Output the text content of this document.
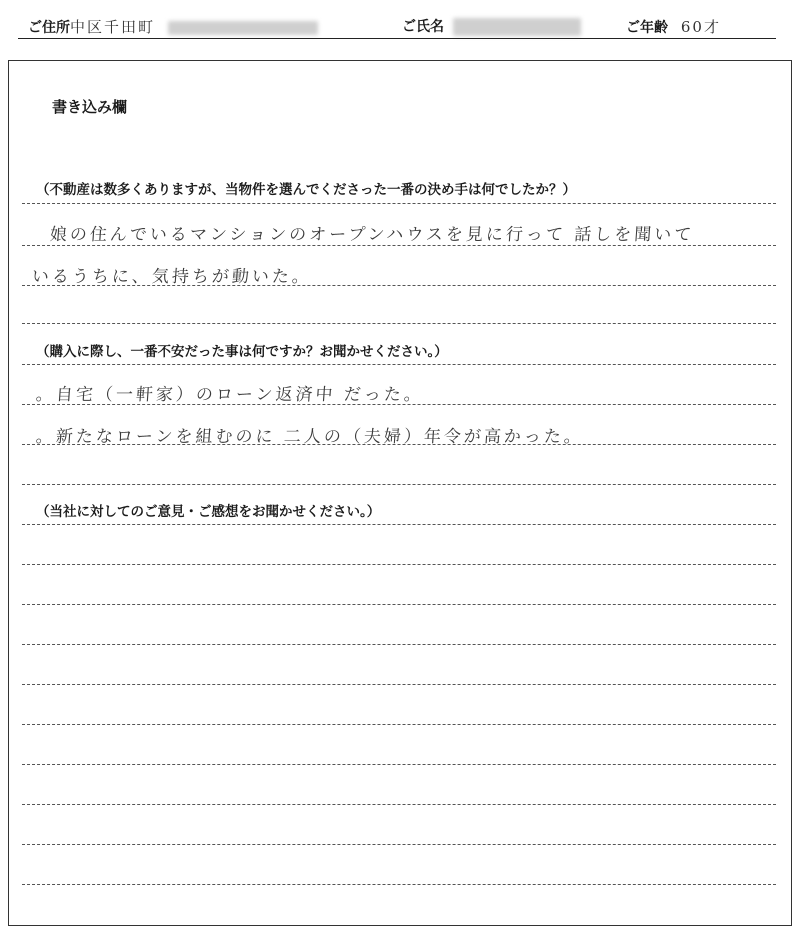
ご住所中区千田町	ご氏名	ご年齢 60才
書き込み欄
（不動産は数多くありますが、当物件を選んでくださった一番の決め手は何でしたか？）
娘の住んでいるマンションのオープンハウスを見に行って 話しを聞いて
いるうちに、気持ちが動いた。
（購入に際し、一番不安だった事は何ですか？お聞かせください。）
。自宅（一軒家）のローン返済中 だった。
。新たなローンを組むのに 二人の（夫婦）年令が高かった。
（当社に対してのご意見・ご感想をお聞かせください。）
